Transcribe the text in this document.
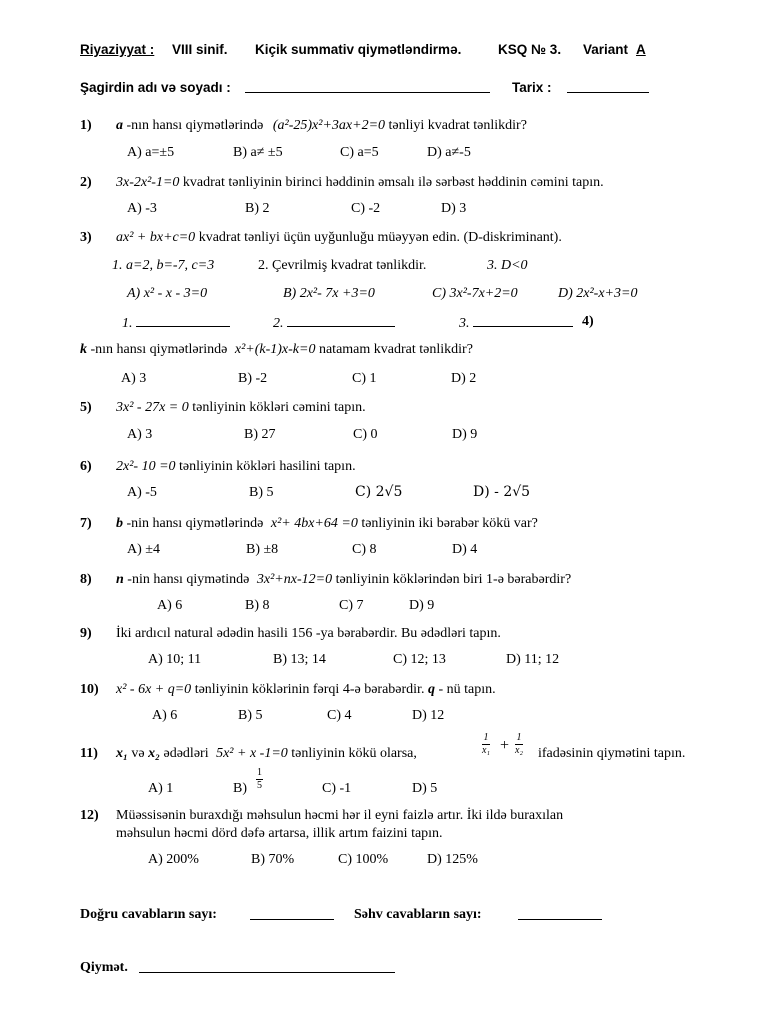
Riyaziyyat : VIII sinif. Kiçik summativ qiymətləndirmə.	KSQ № 3. Variant A
Şagirdin adı və soyadı :	Tarix :
1) a -nın hansı qiymətlərində (a²-25)x²+3ax+2=0 tənliyi kvadrat tənlikdir?
A) a=±5	B) a≠ ±5	C) a=5	D) a≠-5
2) 3x-2x²-1=0 kvadrat tənliyinin birinci həddinin əmsalı ilə sərbəst həddinin cəmini tapın.
A) -3	B) 2	C) -2	D) 3
3) ax² + bx+c=0 kvadrat tənliyi üçün uyğunluğu müəyyən edin. (D-diskriminant).
1. a=2, b=-7, c=3	2. Çevrilmiş kvadrat tənlikdir.	3. D<0
A) x² - x - 3=0	B) 2x²- 7x +3=0	C) 3x²-7x+2=0	D) 2x²-x+3=0
1.	2.	3.	4)
k -nın hansı qiymətlərində x²+(k-1)x-k=0 natamam kvadrat tənlikdir?
A) 3	B) -2	C) 1	D) 2
5) 3x² - 27x = 0 tənliyinin kökləri cəmini tapın.
A) 3	B) 27	C) 0	D) 9
6) 2x²- 10 =0 tənliyinin kökləri hasilini tapın.
A) -5	B) 5	C) 2√5	D) - 2√5
7) b -nin hansı qiymətlərində x²+ 4bx+64 =0 tənliyinin iki bərabər kökü var?
A) ±4	B) ±8	C) 8	D) 4
8) n -nin hansı qiymətində 3x²+nx-12=0 tənliyinin köklərindən biri 1-ə bərabərdir?
A) 6	B) 8	C) 7	D) 9
9) İki ardıcıl natural ədədin hasili 156 -ya bərabərdir. Bu ədədləri tapın.
A) 10; 11	B) 13; 14	C) 12; 13	D) 11; 12
10) x² - 6x + q=0 tənliyinin köklərinin fərqi 4-ə bərabərdir. q - nü tapın.
A) 6	B) 5	C) 4	D) 12
11) x₁ və x₂ ədədləri 5x² + x -1=0 tənliyinin kökü olarsa,	$\frac{1}{\text{x₁}} + \frac{1}{\text{x₂}}$ ifadəsinin qiymətini tapın.
A) 1	$B) \frac{1}{5}$	C) -1	D) 5
12) Müəssisənin buraxdığı məhsulun həcmi hər il eyni faizlə artır. İki ildə buraxılan
məhsulun həcmi dörd dəfə artarsa, illik artım faizini tapın.
A) 200%	B) 70%	C) 100%	D) 125%
Doğru cavabların sayı:	Səhv cavabların sayı:
Qiymət.
